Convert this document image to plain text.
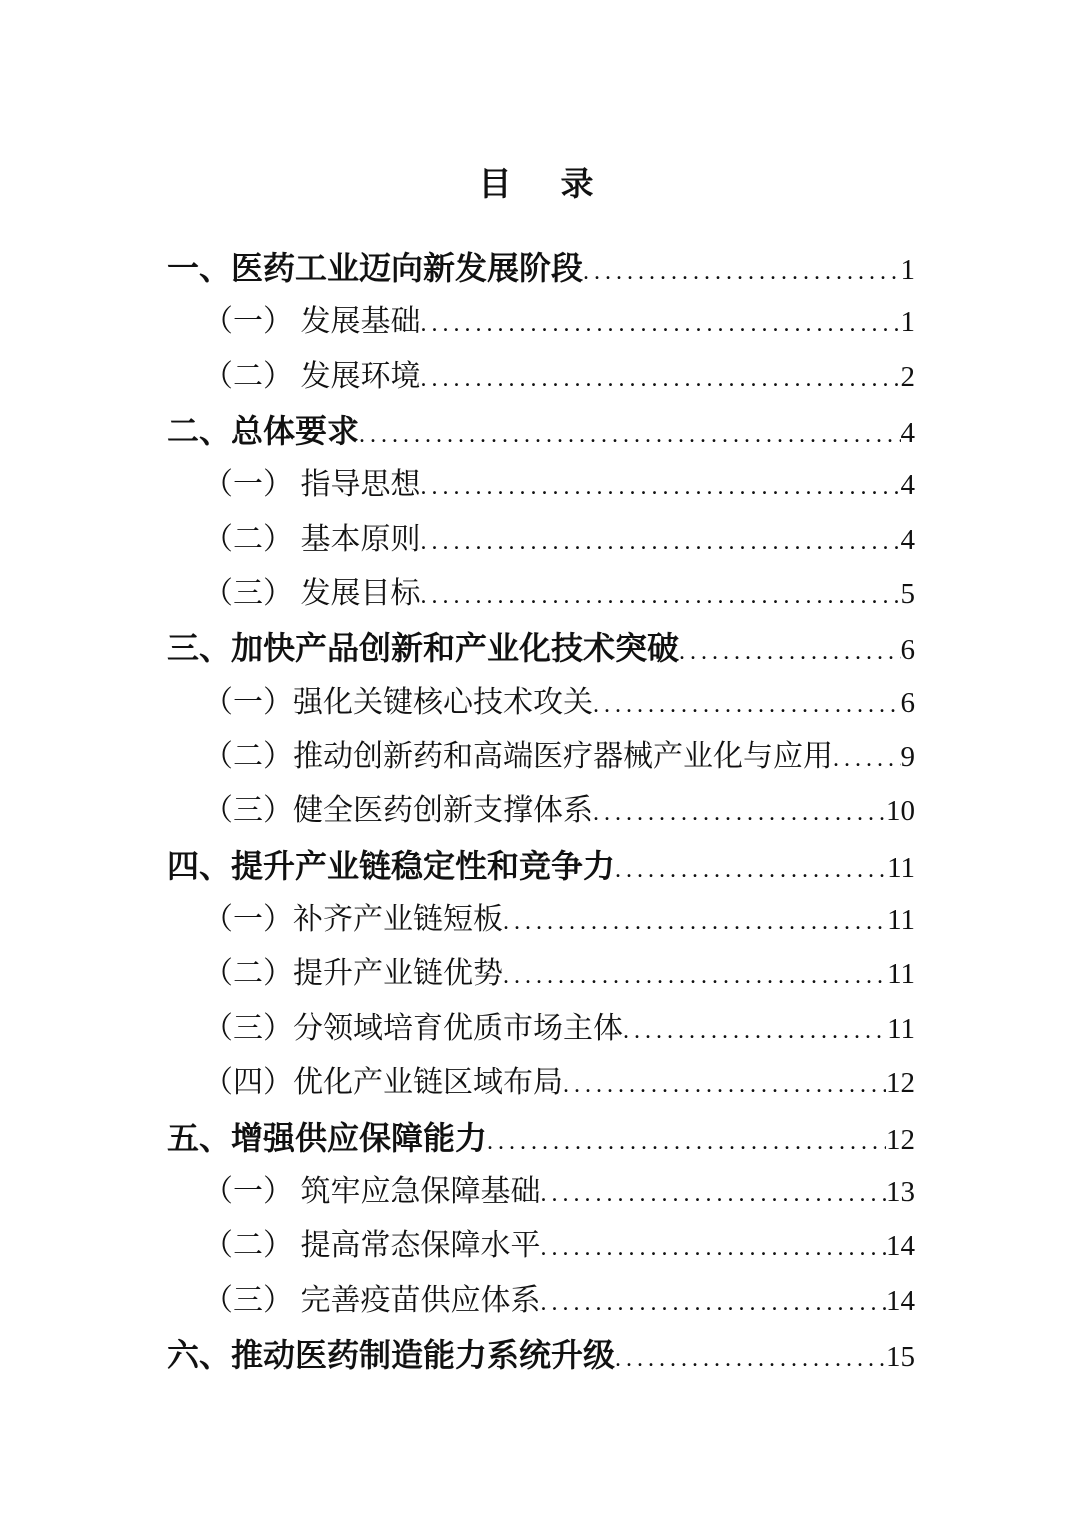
目　录
一、医药工业迈向新发展阶段 .....	1
（一） 发展基础 .....	1
（二） 发展环境 .....	2
二、总体要求 .....	4
（一） 指导思想 .....	4
（二） 基本原则 .....	4
（三） 发展目标 .....	5
三、加快产品创新和产业化技术突破 .....	6
（一）强化关键核心技术攻关 .....	6
（二）推动创新药和高端医疗器械产业化与应用 ..... 9
（三）健全医药创新支撑体系 .....	10
四、提升产业链稳定性和竞争力 .....	11
（一）补齐产业链短板 .....	11
（二）提升产业链优势 .....	11
（三）分领域培育优质市场主体 .....	11
（四）优化产业链区域布局 .....	12
五、增强供应保障能力 .....	12
（一） 筑牢应急保障基础 .....	13
（二） 提高常态保障水平 .....	14
（三） 完善疫苗供应体系 .....	14
六、推动医药制造能力系统升级 .....	15
